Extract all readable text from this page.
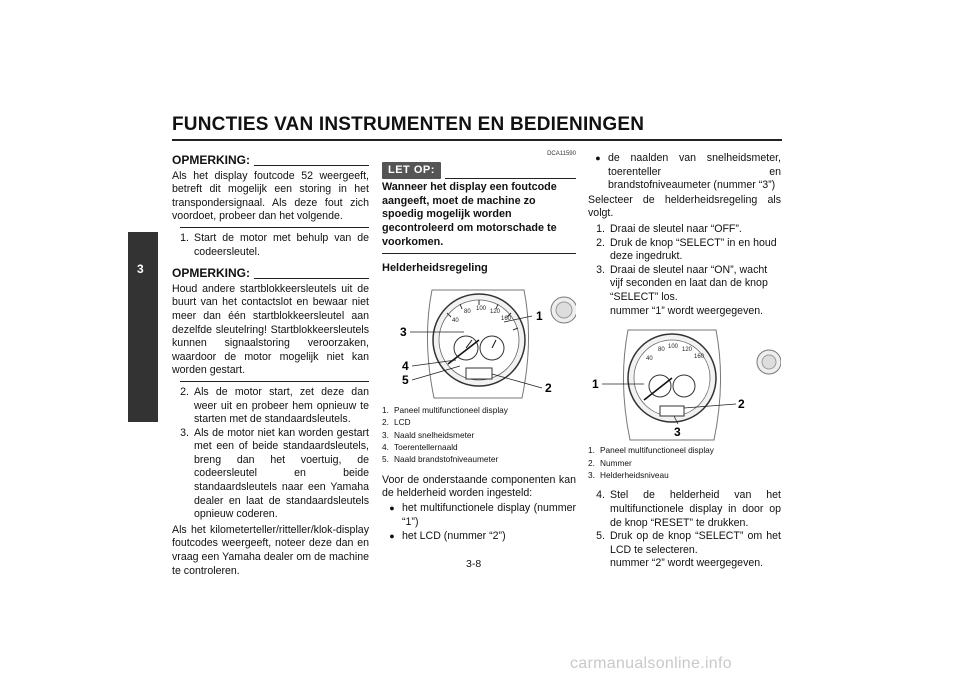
FUNCTIES VAN INSTRUMENTEN EN BEDIENINGEN
3
OPMERKING:

Als het display foutcode 52 weergeeft, betreft dit mogelijk een storing in het transpondersignaal. Als deze fout zich voordoet, probeer dan het volgende.

1. Start de motor met behulp van de codeersleutel.
OPMERKING:

Houd andere startblokkeersleutels uit de buurt van het contactslot en bewaar niet meer dan één startblokkeersleutel aan dezelfde sleutelring! Startblokkeersleutels kunnen signaalstoring veroorzaken, waardoor de motor mogelijk niet kan worden gestart.

2. Als de motor start, zet deze dan weer uit en probeer hem opnieuw te starten met de standaardsleutels.
3. Als de motor niet kan worden gestart met een of beide standaardsleutels, breng dan het voertuig, de codeersleutel en beide standaardsleutels naar een Yamaha dealer en laat de standaardsleutels opnieuw coderen.

Als het kilometerteller/ritteller/klok-display foutcodes weergeeft, noteer deze dan en vraag een Yamaha dealer om de machine te controleren.

DCA11590
LET OP:
Wanneer het display een foutcode aangeeft, moet de machine zo spoedig mogelijk worden gecontroleerd om motorschade te voorkomen.
Helderheidsregeling
40
80 100 120
160 1
2
3
4
5
1. Paneel multifunctioneel display
2. LCD
3. Naald snelheidsmeter
4. Toerentellernaald
5. Naald brandstofniveaumeter

Voor de onderstaande componenten kan de helderheid worden ingesteld:

● het multifunctionele display (nummer “1”)
● het LCD (nummer “2”)
● de naalden van snelheidsmeter, toerenteller en brandstofniveaumeter (nummer “3”)

Selecteer de helderheidsregeling als volgt.

1. Draai de sleutel naar “OFF”.
2. Druk de knop “SELECT” in en houd deze ingedrukt.
3. Draai de sleutel naar “ON”, wacht vijf seconden en laat dan de knop “SELECT” los.
nummer “1” wordt weergegeven.
40
80 100 120
160
1
2
3
1. Paneel multifunctioneel display
2. Nummer
3. Helderheidsniveau
4. Stel de helderheid van het multifunctionele display in door op de knop “RESET” te drukken.
5. Druk op de knop “SELECT” om het LCD te selecteren.
nummer “2” wordt weergegeven.
3-8
carmanualsonline.info
